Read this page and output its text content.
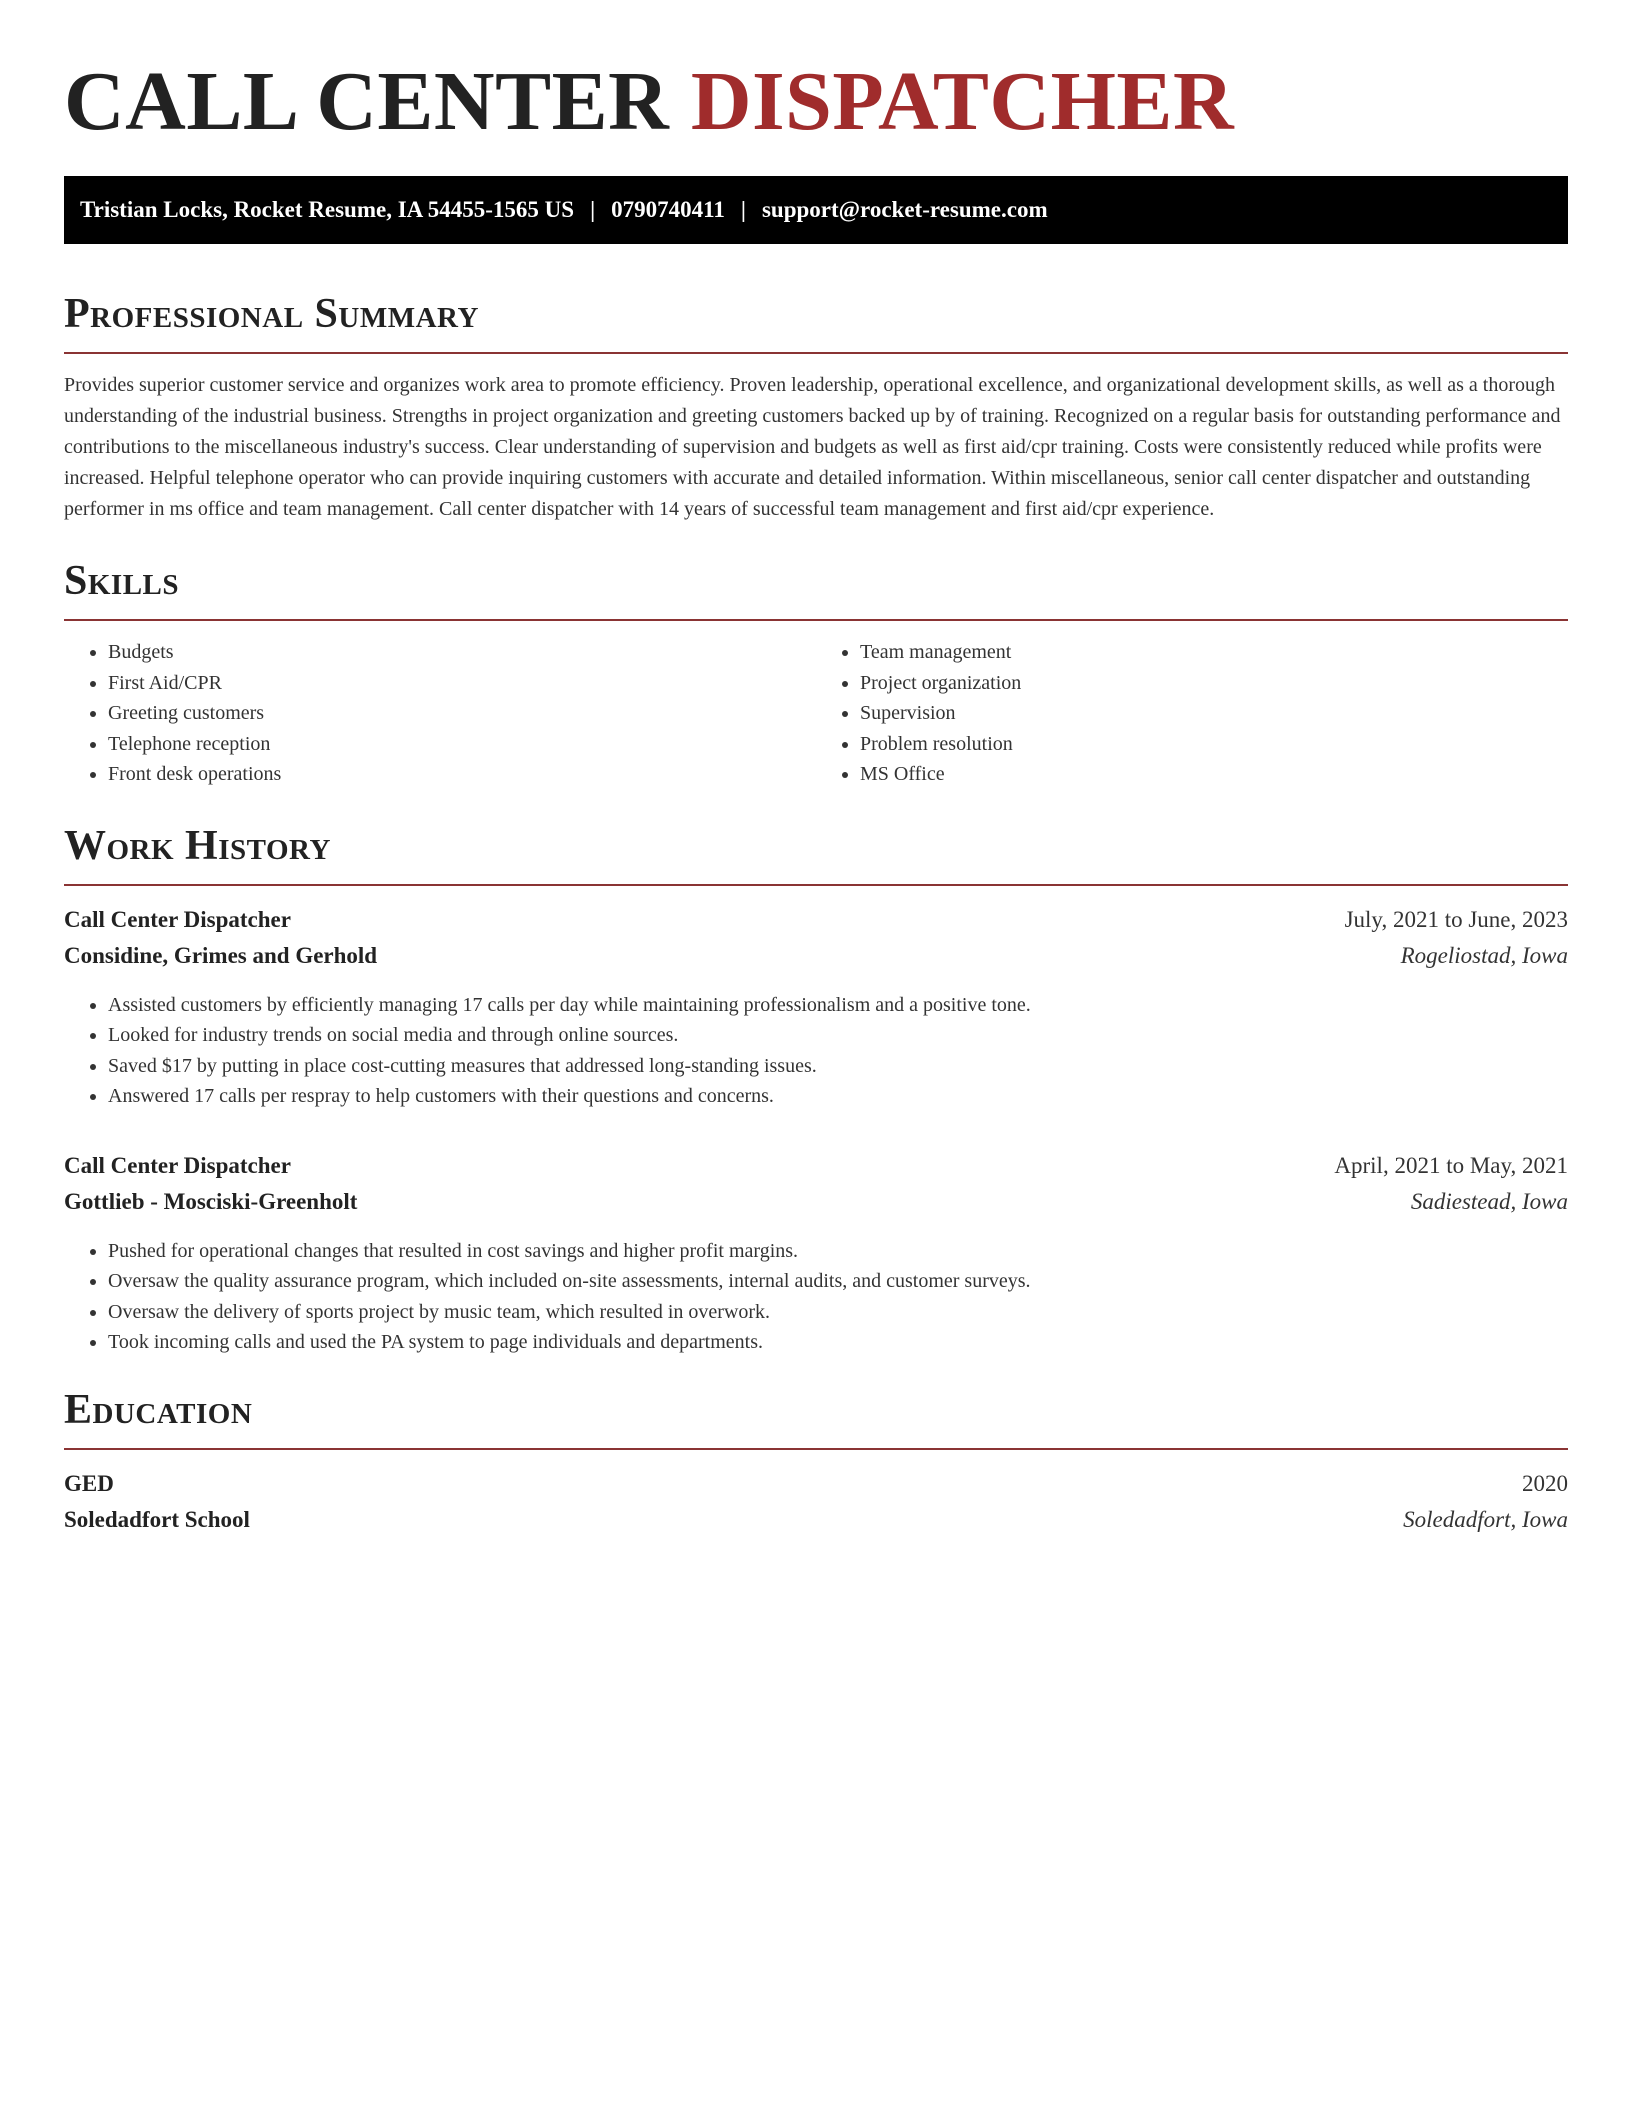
CALL CENTER DISPATCHER
Tristian Locks, Rocket Resume, IA 54455-1565 US | 0790740411 | support@rocket-resume.com
Professional Summary

Provides superior customer service and organizes work area to promote efficiency. Proven leadership, operational excellence, and organizational development skills, as well as a thorough understanding of the industrial business. Strengths in project organization and greeting customers backed up by of training. Recognized on a regular basis for outstanding performance and contributions to the miscellaneous industry's success. Clear understanding of supervision and budgets as well as first aid/cpr training. Costs were consistently reduced while profits were increased. Helpful telephone operator who can provide inquiring customers with accurate and detailed information. Within miscellaneous, senior call center dispatcher and outstanding performer in ms office and team management. Call center dispatcher with 14 years of successful team management and first aid/cpr experience.

Skills
• Budgets
• First Aid/CPR
• Greeting customers
• Telephone reception
• Front desk operations
• Team management
• Project organization
• Supervision
• Problem resolution
• MS Office
Work History
Call Center Dispatcher	July, 2021 to June, 2023
Considine, Grimes and Gerhold	Rogeliostad, Iowa
• Assisted customers by efficiently managing 17 calls per day while maintaining professionalism and a positive tone.
• Looked for industry trends on social media and through online sources.
• Saved $17 by putting in place cost-cutting measures that addressed long-standing issues.
• Answered 17 calls per respray to help customers with their questions and concerns.
Call Center Dispatcher	April, 2021 to May, 2021
Gottlieb - Mosciski-Greenholt	Sadiestead, Iowa
• Pushed for operational changes that resulted in cost savings and higher profit margins.
• Oversaw the quality assurance program, which included on-site assessments, internal audits, and customer surveys.
• Oversaw the delivery of sports project by music team, which resulted in overwork.
• Took incoming calls and used the PA system to page individuals and departments.
Education
GED	2020
Soledadfort School	Soledadfort, Iowa
